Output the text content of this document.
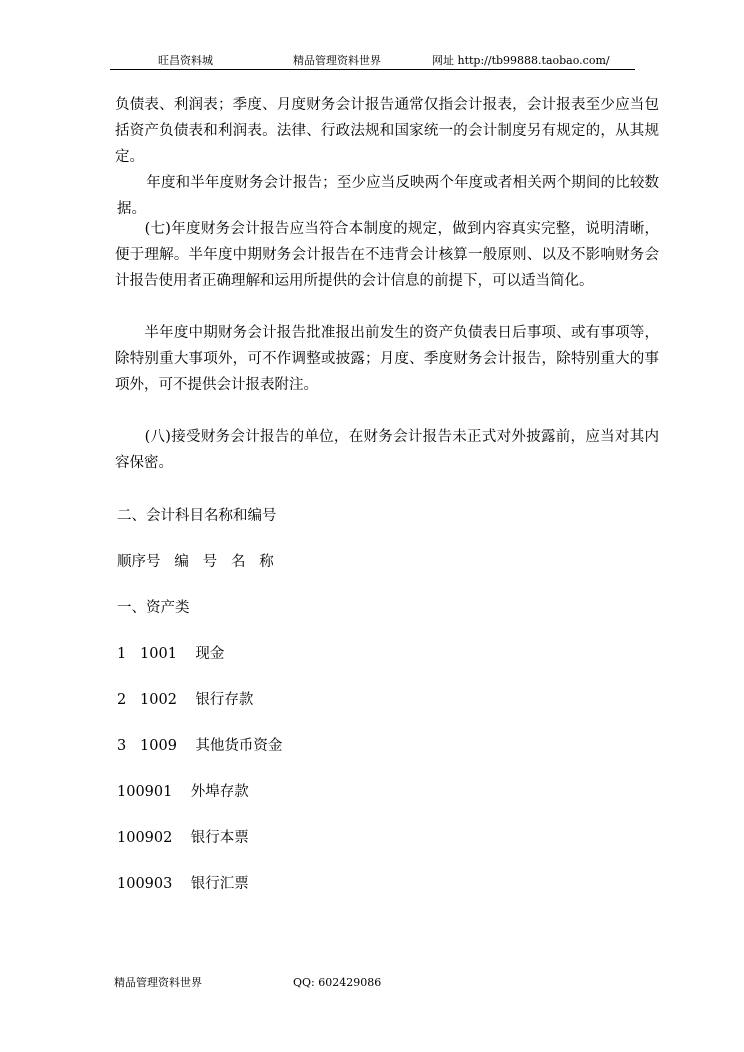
旺昌资料城	精品管理资料世界	网址 http://tb99888.taobao.com/

负债表、利润表；季度、月度财务会计报告通常仅指会计报表，会计报表至少应当包括资产负债表和利润表。法律、行政法规和国家统一的会计制度另有规定的，从其规定。

　　年度和半年度财务会计报告；至少应当反映两个年度或者相关两个期间的比较数据。

　　(七)年度财务会计报告应当符合本制度的规定，做到内容真实完整，说明清晰，便于理解。半年度中期财务会计报告在不违背会计核算一般原则、以及不影响财务会计报告使用者正确理解和运用所提供的会计信息的前提下，可以适当简化。

　　半年度中期财务会计报告批准报出前发生的资产负债表日后事项、或有事项等，除特别重大事项外，可不作调整或披露；月度、季度财务会计报告，除特别重大的事项外，可不提供会计报表附注。

　　(八)接受财务会计报告的单位，在财务会计报告未正式对外披露前，应当对其内容保密。

二、会计科目名称和编号
顺序号   编   号   名   称
一、资产类
1   1001    现金
2   1002    银行存款
3   1009    其他货币资金
100901    外埠存款
100902    银行本票
100903    银行汇票
精品管理资料世界	QQ: 602429086
